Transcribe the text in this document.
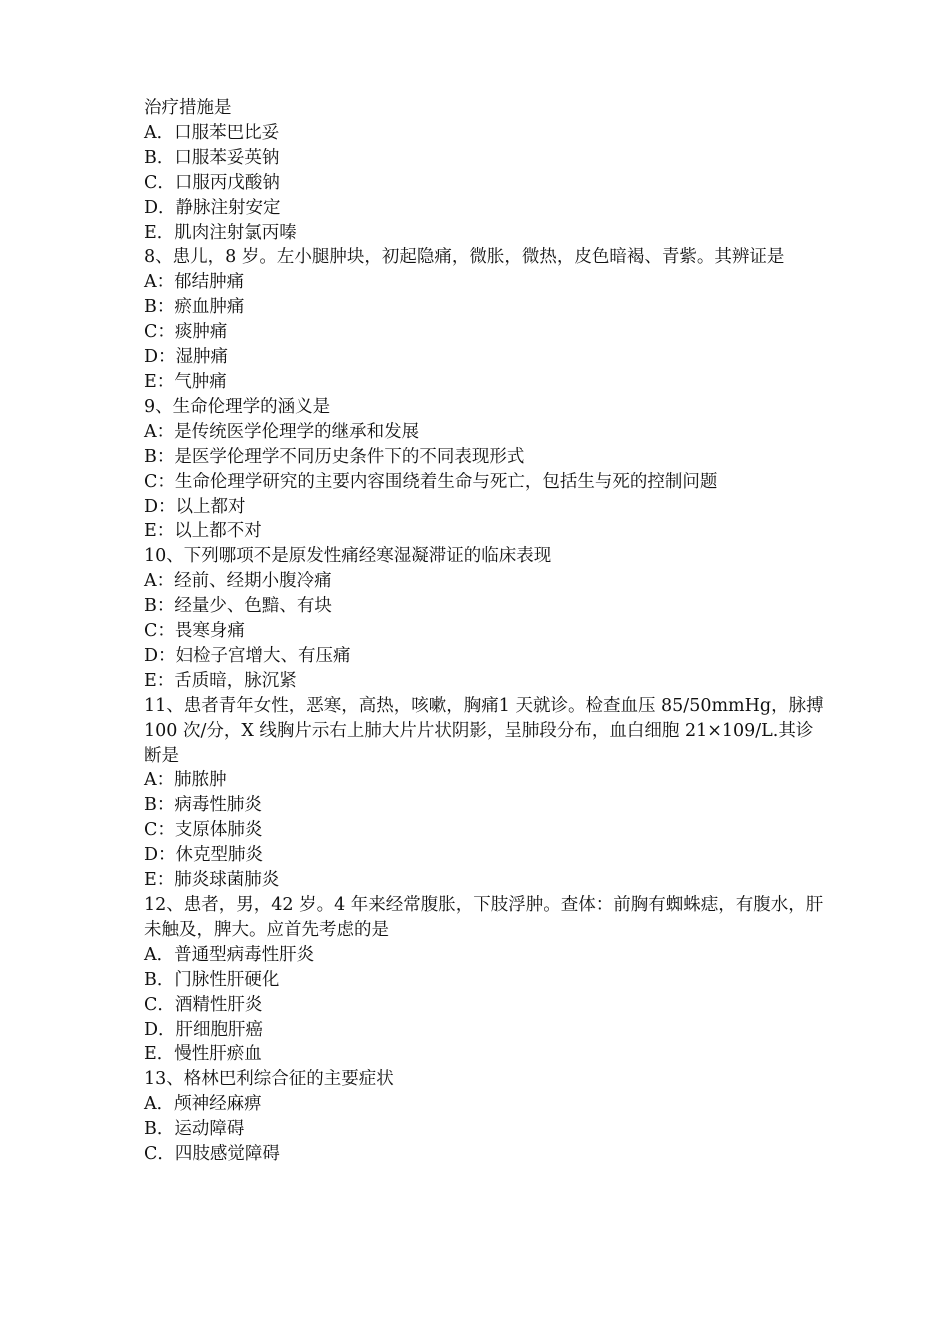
治疗措施是
A．口服苯巴比妥
B．口服苯妥英钠
C．口服丙戊酸钠
D．静脉注射安定
E．肌肉注射氯丙嗪
8、患儿，8 岁。左小腿肿块，初起隐痛，微胀，微热，皮色暗褐、青紫。其辨证是
A：郁结肿痛
B：瘀血肿痛
C：痰肿痛
D：湿肿痛
E：气肿痛
9、生命伦理学的涵义是
A：是传统医学伦理学的继承和发展
B：是医学伦理学不同历史条件下的不同表现形式
C：生命伦理学研究的主要内容围绕着生命与死亡，包括生与死的控制问题
D：以上都对
E：以上都不对
10、下列哪项不是原发性痛经寒湿凝滞证的临床表现
A：经前、经期小腹冷痛
B：经量少、色黯、有块
C：畏寒身痛
D：妇检子宫增大、有压痛
E：舌质暗，脉沉紧
11、患者青年女性，恶寒，高热，咳嗽，胸痛1 天就诊。检查血压 85/50mmHg，脉搏 100 次/分，X 线胸片示右上肺大片片状阴影，呈肺段分布，血白细胞 21×109/L.其诊断是
A：肺脓肿
B：病毒性肺炎
C：支原体肺炎
D：休克型肺炎
E：肺炎球菌肺炎
12、患者，男，42 岁。4 年来经常腹胀，下肢浮肿。查体：前胸有蜘蛛痣，有腹水，肝未触及，脾大。应首先考虑的是
A．普通型病毒性肝炎
B．门脉性肝硬化
C．酒精性肝炎
D．肝细胞肝癌
E．慢性肝瘀血
13、格林巴利综合征的主要症状
A．颅神经麻痹
B．运动障碍
C．四肢感觉障碍
